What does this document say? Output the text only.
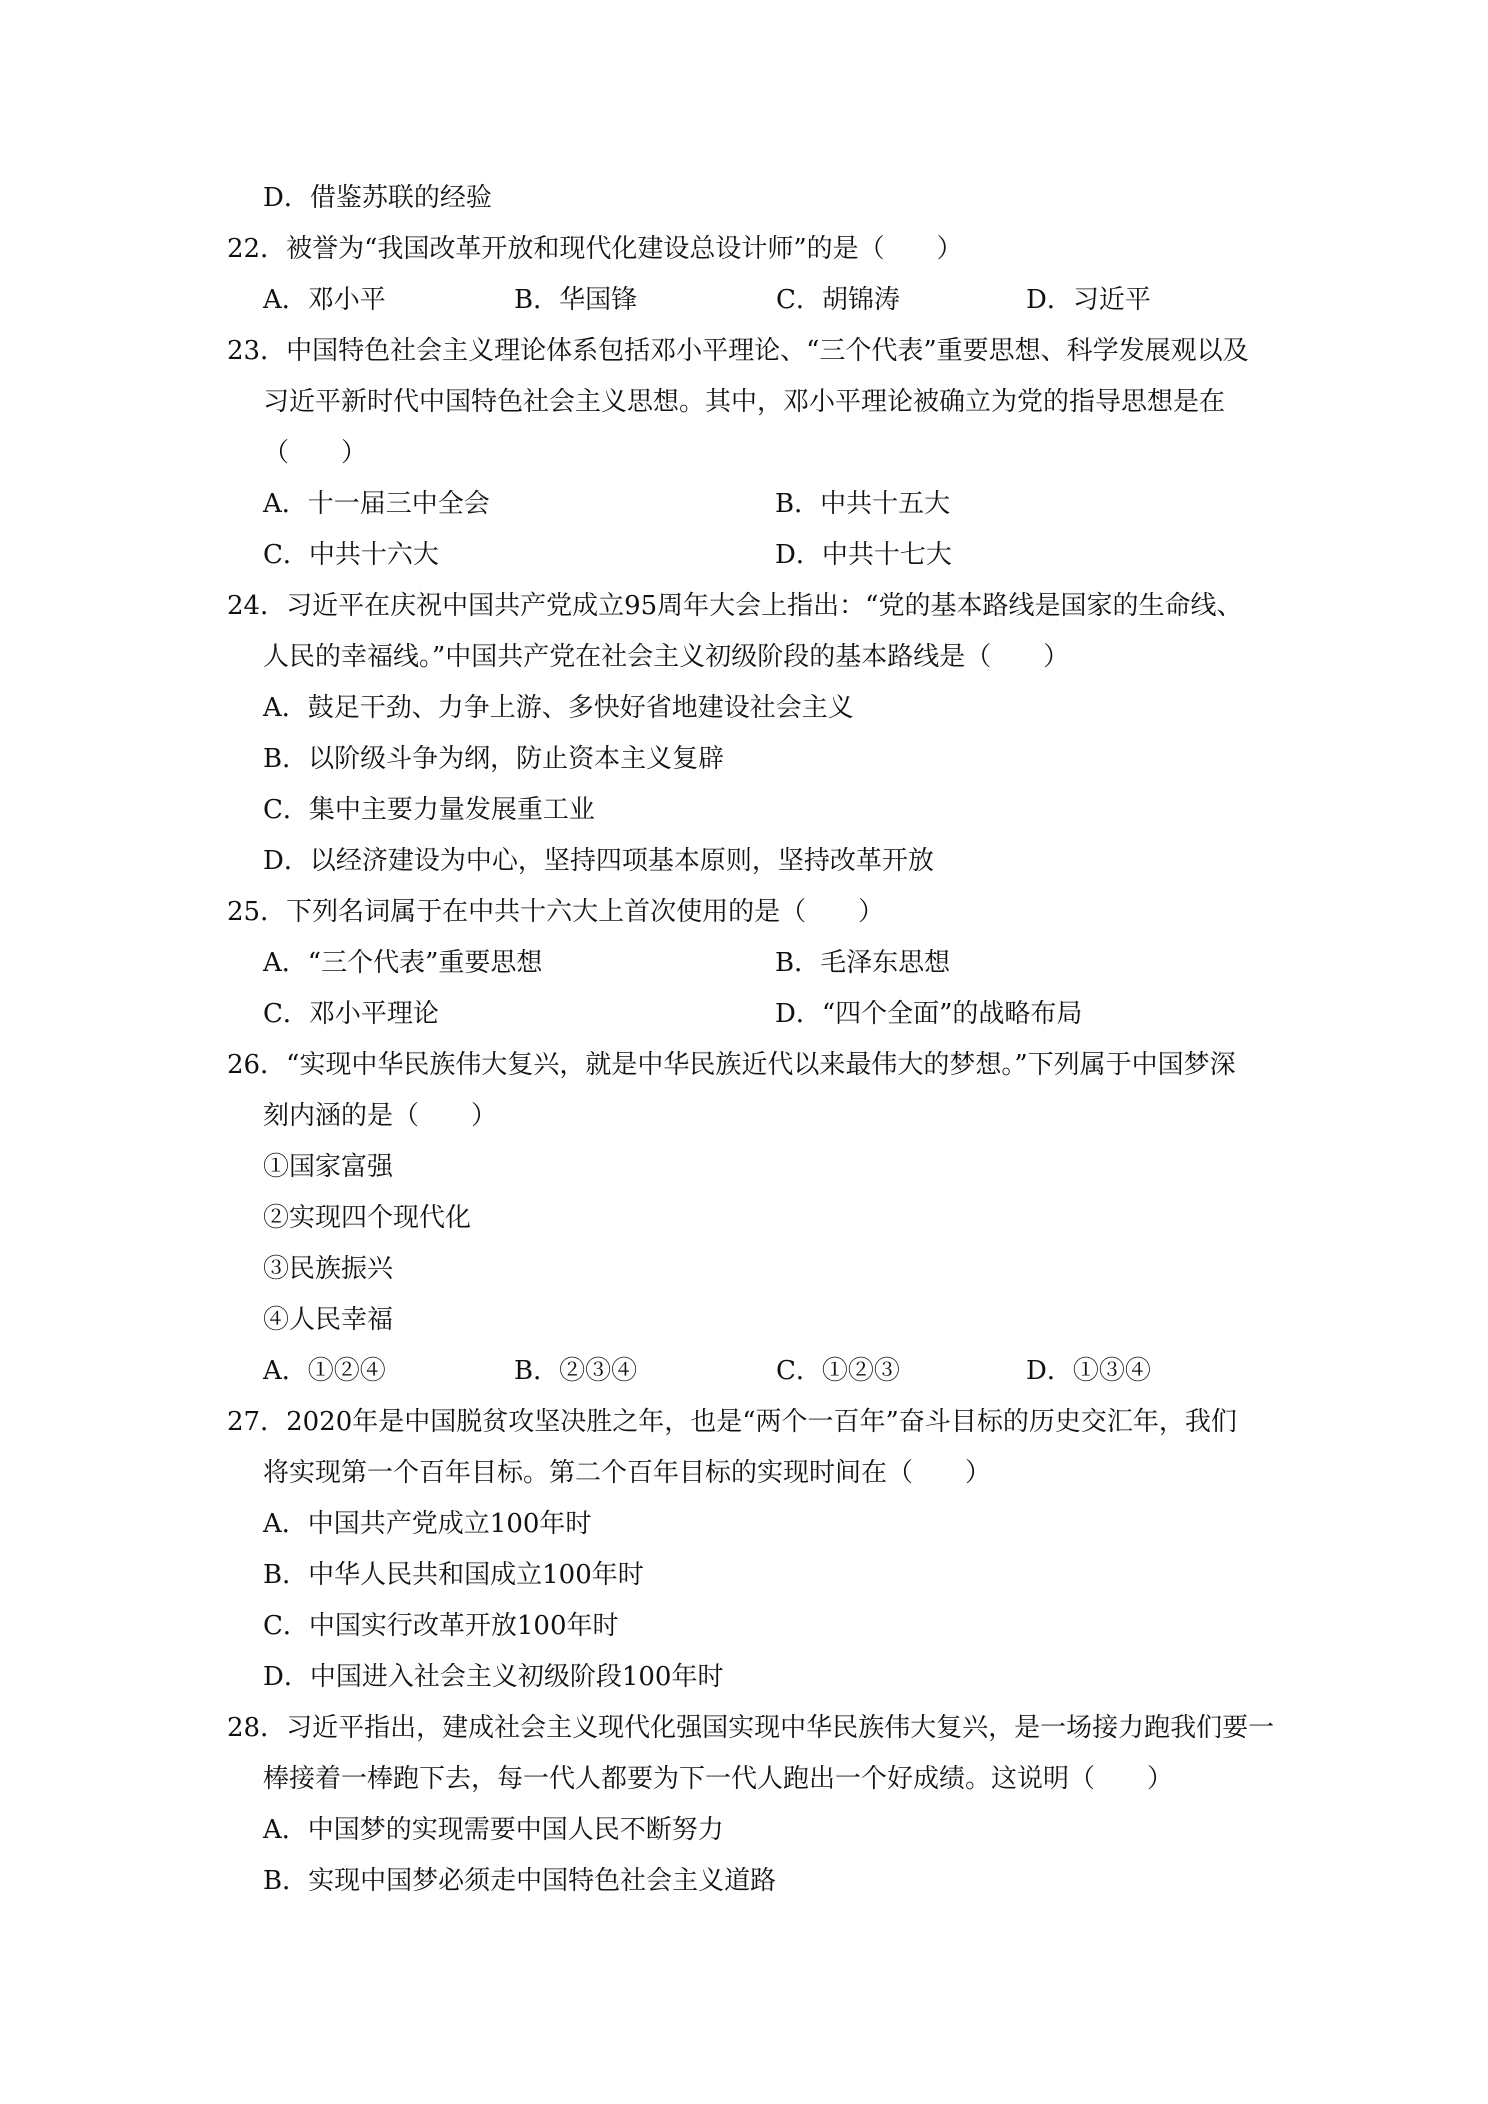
D．借鉴苏联的经验
22．被誉为“我国改革开放和现代化建设总设计师”的是（　　）
A．邓小平	B．华国锋	C．胡锦涛	D．习近平
23．中国特色社会主义理论体系包括邓小平理论、“三个代表”重要思想、科学发展观以及
习近平新时代中国特色社会主义思想。其中，邓小平理论被确立为党的指导思想是在
（　　）
A．十一届三中全会	B．中共十五大
C．中共十六大	D．中共十七大
24．习近平在庆祝中国共产党成立95周年大会上指出：“党的基本路线是国家的生命线、
人民的幸福线。”中国共产党在社会主义初级阶段的基本路线是（　　）
A．鼓足干劲、力争上游、多快好省地建设社会主义
B．以阶级斗争为纲，防止资本主义复辟
C．集中主要力量发展重工业
D．以经济建设为中心，坚持四项基本原则，坚持改革开放
25．下列名词属于在中共十六大上首次使用的是（　　）
A．“三个代表”重要思想	B．毛泽东思想
C．邓小平理论	D．“四个全面”的战略布局
26．“实现中华民族伟大复兴，就是中华民族近代以来最伟大的梦想。”下列属于中国梦深
刻内涵的是（　　）
①国家富强
②实现四个现代化
③民族振兴
④人民幸福
A．①②④	B．②③④	C．①②③	D．①③④
27．2020年是中国脱贫攻坚决胜之年，也是“两个一百年”奋斗目标的历史交汇年，我们
将实现第一个百年目标。第二个百年目标的实现时间在（　　）
A．中国共产党成立100年时
B．中华人民共和国成立100年时
C．中国实行改革开放100年时
D．中国进入社会主义初级阶段100年时
28．习近平指出，建成社会主义现代化强国实现中华民族伟大复兴，是一场接力跑我们要一
棒接着一棒跑下去，每一代人都要为下一代人跑出一个好成绩。这说明（　　）
A．中国梦的实现需要中国人民不断努力
B．实现中国梦必须走中国特色社会主义道路
